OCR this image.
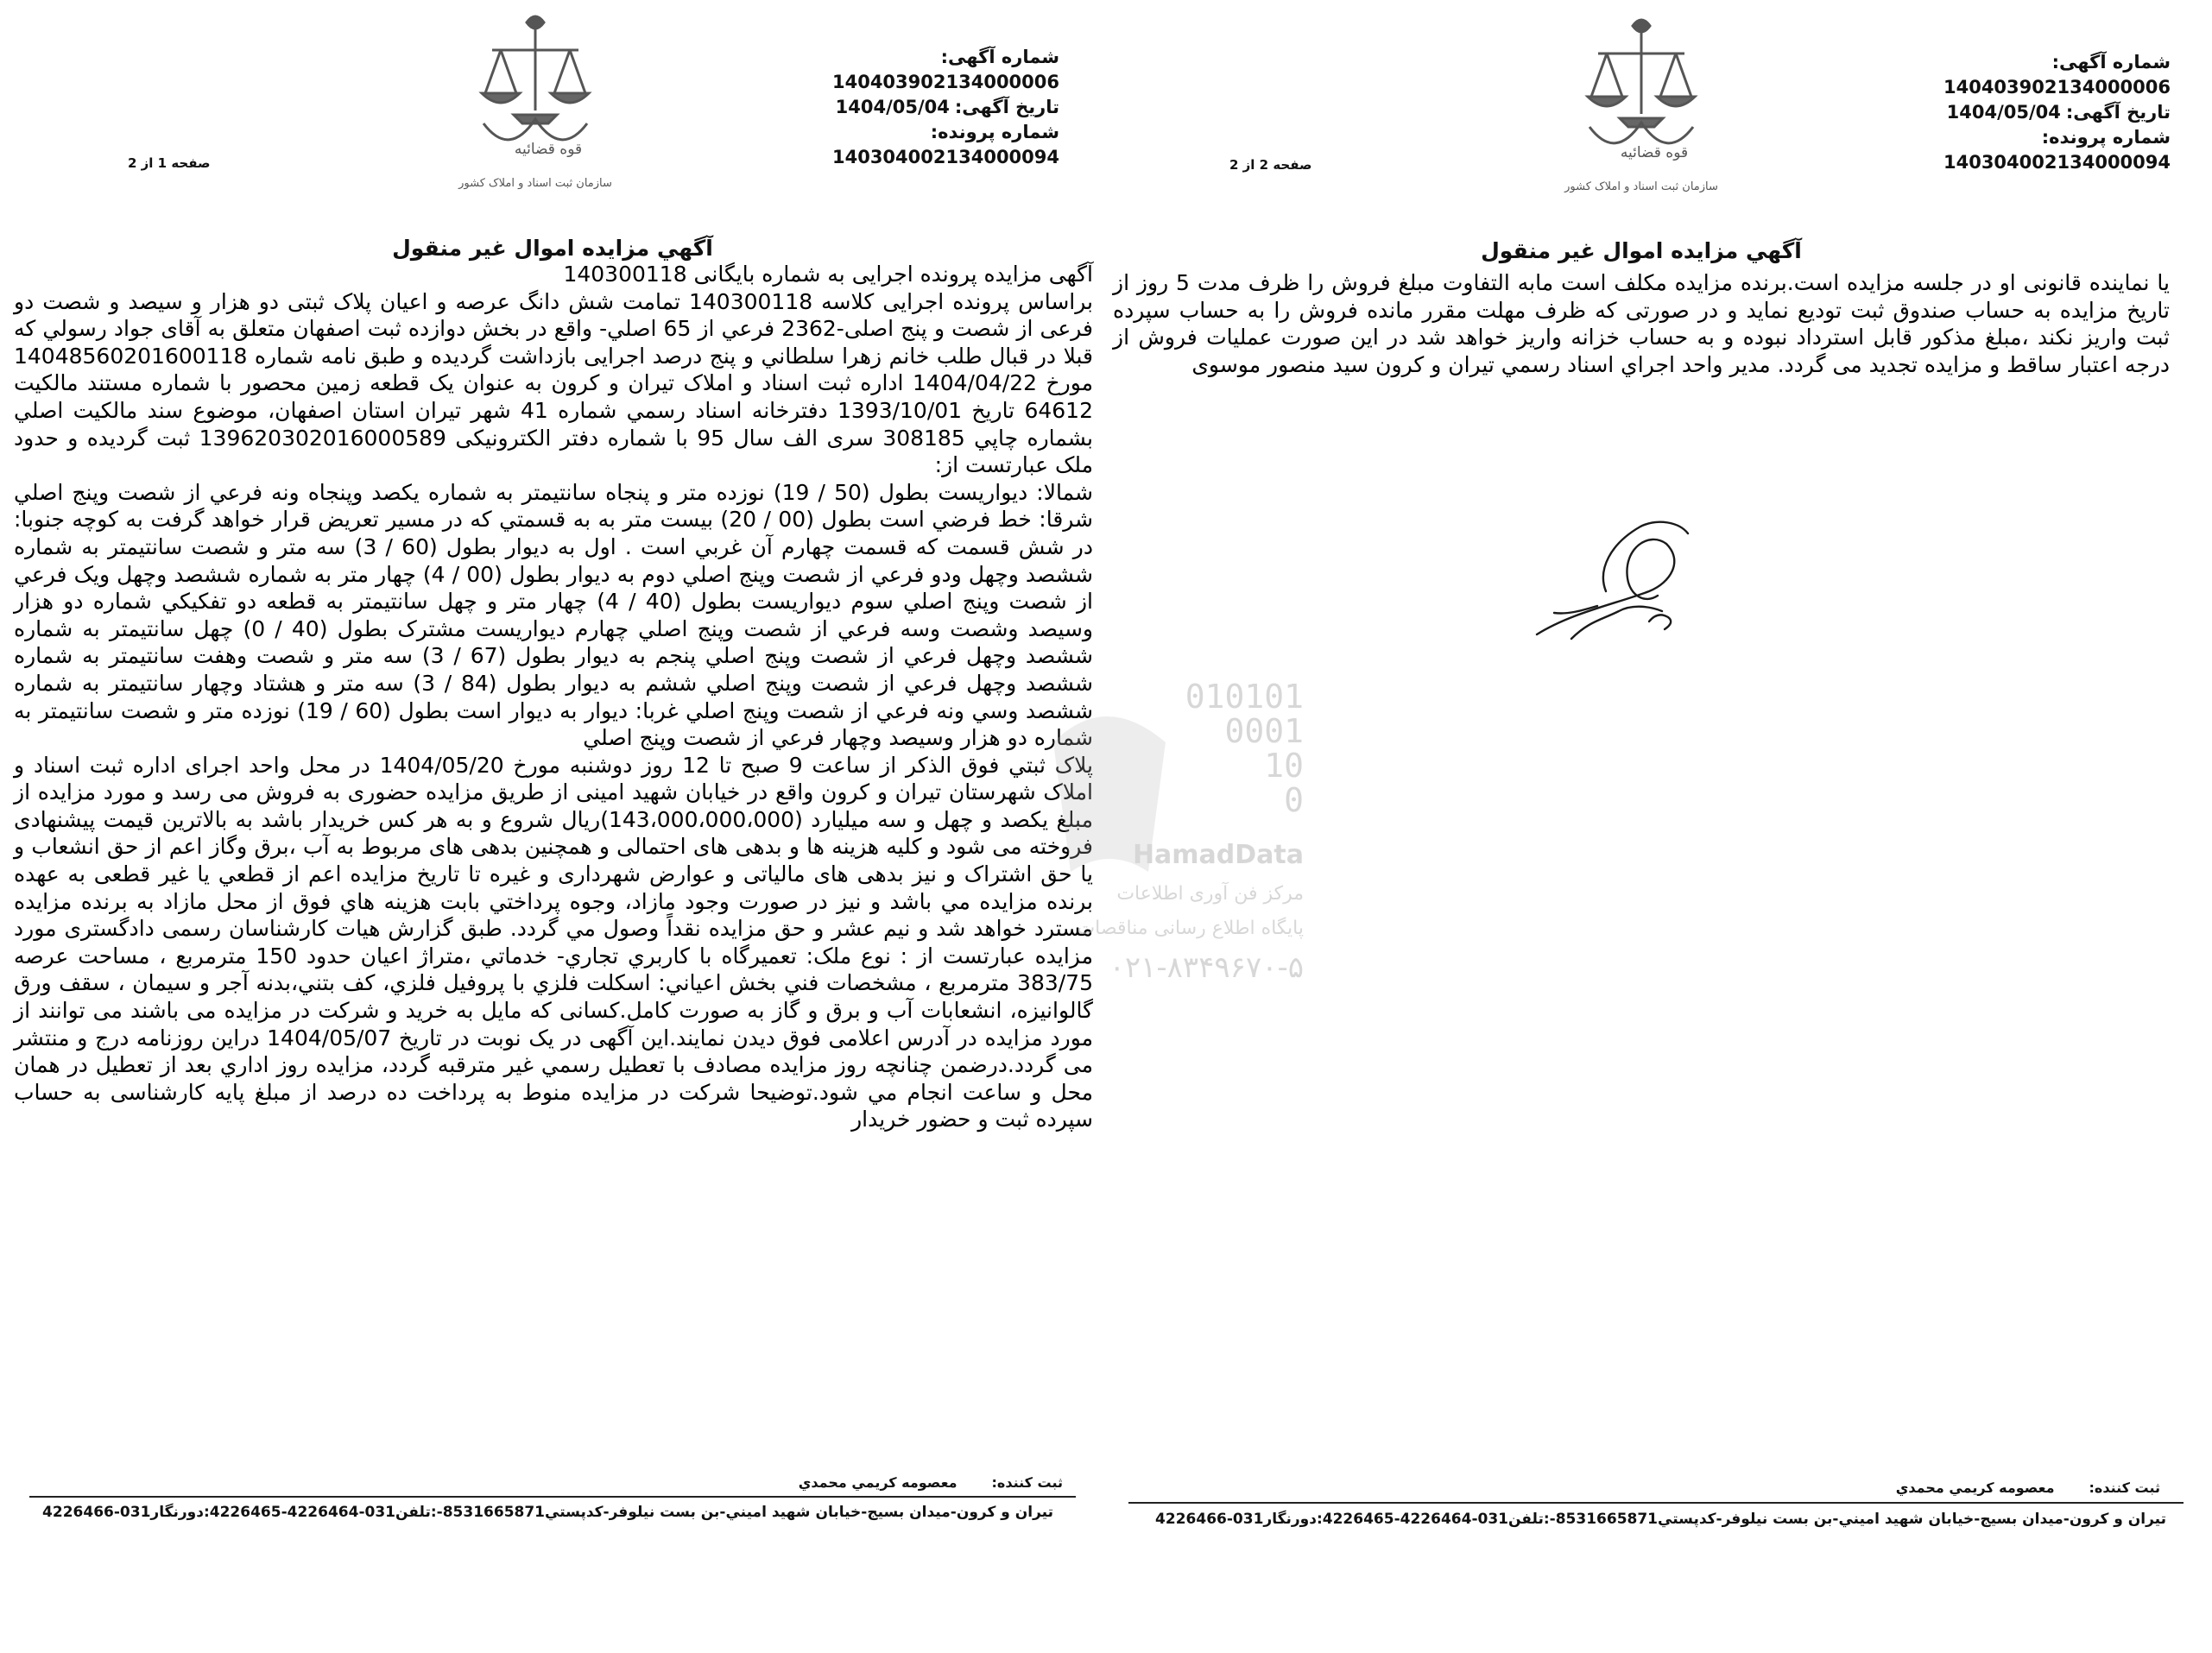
شماره آگهی:140403902134000006
تاریخ آگهی:1404/05/04
شماره پرونده:140304002134000094
قوه قضائیه
سازمان ثبت اسناد و املاک کشور
صفحه 1 از 2
آگهي مزايده اموال غير منقول

آگهی مزایده پرونده اجرایی به شماره بایگانی 140300118

براساس پرونده اجرایی کلاسه 140300118 تمامت شش دانگ عرصه و اعیان پلاک ثبتی دو هزار و سیصد و شصت دو فرعی از شصت و پنج اصلی-2362 فرعي از 65 اصلي- واقع در بخش دوازده ثبت اصفهان متعلق به آقای جواد رسولي که قبلا در قبال طلب خانم زهرا سلطاني و پنج درصد اجرایی بازداشت گرديده و طبق نامه شماره 14048560201600118 مورخ 1404/04/22 اداره ثبت اسناد و املاک تيران و کرون به عنوان یک قطعه زمین محصور با شماره مستند مالکیت 64612 تاریخ 1393/10/01 دفترخانه اسناد رسمي شماره 41 شهر تيران استان اصفهان، موضوع سند مالکيت اصلي بشماره چاپي 308185 سری الف سال 95 با شماره دفتر الکترونیکی 139620302016000589 ثبت گرديده و حدود ملک عبارتست از:

شمالا: ديواريست بطول (50 / 19) نوزده متر و پنجاه سانتيمتر به شماره يکصد وپنجاه ونه فرعي از شصت وپنج اصلي شرقا: خط فرضي است بطول (00 / 20) بيست متر به به قسمتي که در مسير تعريض قرار خواهد گرفت به کوچه جنوبا: در شش قسمت که قسمت چهارم آن غربي است . اول به ديوار بطول (60 / 3) سه متر و شصت سانتيمتر به شماره ششصد وچهل ودو فرعي از شصت وپنج اصلي دوم به ديوار بطول (00 / 4) چهار متر به شماره ششصد وچهل ويک فرعي از شصت وپنج اصلي سوم ديواريست بطول (40 / 4) چهار متر و چهل سانتيمتر به قطعه دو تفکيکي شماره دو هزار وسيصد وشصت وسه فرعي از شصت وپنج اصلي چهارم ديواريست مشترک بطول (40 / 0) چهل سانتيمتر به شماره ششصد وچهل فرعي از شصت وپنج اصلي پنجم به ديوار بطول (67 / 3) سه متر و شصت وهفت سانتيمتر به شماره ششصد وچهل فرعي از شصت وپنج اصلي ششم به ديوار بطول (84 / 3) سه متر و هشتاد وچهار سانتيمتر به شماره ششصد وسي ونه فرعي از شصت وپنج اصلي غربا: ديوار به ديوار است بطول (60 / 19) نوزده متر و شصت سانتيمتر به شماره دو هزار وسيصد وچهار فرعي از شصت وپنج اصلي

پلاک ثبتي فوق الذکر از ساعت 9 صبح تا 12 روز دوشنبه مورخ 1404/05/20 در محل واحد اجرای اداره ثبت اسناد و املاک شهرستان تیران و کرون واقع در خیابان شهید امینی از طریق مزایده حضوری به فروش می رسد و مورد مزایده از مبلغ یکصد و چهل و سه میلیارد (143،000،000،000)ريال شروع و به هر کس خریدار باشد به بالاترین قیمت پیشنهادی فروخته می شود و کلیه هزینه ها و بدهی های احتمالی و همچنین بدهی های مربوط به آب ،برق وگاز اعم از حق انشعاب و يا حق اشتراک و نيز بدهی های مالیاتی و عوارض شهرداری و غیره تا تاريخ مزايده اعم از قطعي يا غير قطعی به عهده برنده مزايده مي باشد و نيز در صورت وجود مازاد، وجوه پرداختي بابت هزينه هاي فوق از محل مازاد به برنده مزايده مسترد خواهد شد و نيم عشر و حق مزايده نقداً وصول مي گردد. طبق گزارش هیات کارشناسان رسمی دادگستری مورد مزایده عبارتست از : نوع ملک: تعمیرگاه با کاربري تجاري- خدماتي ،متراژ اعيان حدود 150 مترمربع ، مساحت عرصه 383/75 مترمربع ، مشخصات فني بخش اعياني: اسکلت فلزي با پروفيل فلزي، کف بتني،بدنه آجر و سيمان ، سقف ورق گالوانيزه، انشعابات آب و برق و گاز به صورت کامل.کسانی که مایل به خرید و شرکت در مزایده می باشند می توانند از مورد مزایده در آدرس اعلامی فوق دیدن نمایند.این آگهی در یک نوبت در تاریخ 1404/05/07 دراین روزنامه درج و منتشر می گردد.درضمن چنانچه روز مزايده مصادف با تعطيل رسمي غير مترقبه گردد، مزايده روز اداري بعد از تعطيل در همان محل و ساعت انجام مي شود.توضیحا شرکت در مزایده منوط به پرداخت ده درصد از مبلغ پایه کارشناسی به حساب سپرده ثبت و حضور خریدار

ثبت كننده:معصومه كريمي محمدي
تيران و كرون-ميدان بسيج-خيابان شهيد اميني-بن بست نيلوفر-كدپستي8531665871-:تلفن031-4226464-4226465:دورنگار031-4226466
شماره آگهی:140403902134000006
تاریخ آگهی:1404/05/04
شماره پرونده:140304002134000094
قوه قضائیه
سازمان ثبت اسناد و املاک کشور
صفحه 2 از 2
آگهي مزايده اموال غير منقول

يا نماينده قانونی او در جلسه مزايده است.برنده مزايده مکلف است مابه التفاوت مبلغ فروش را ظرف مدت 5 روز از تاريخ مزايده به حساب صندوق ثبت توديع نمايد و در صورتی که ظرف مهلت مقرر مانده فروش را به حساب سپرده ثبت واريز نکند ،مبلغ مذکور قابل استرداد نبوده و به حساب خزانه واريز خواهد شد در اين صورت عمليات فروش از درجه اعتبار ساقط و مزايده تجديد می گردد. مدير واحد اجراي اسناد رسمي تيران و کرون سيد منصور موسوی

ثبت كننده:معصومه كريمي محمدي
تيران و كرون-ميدان بسيج-خيابان شهيد اميني-بن بست نيلوفر-كدپستي8531665871-:تلفن031-4226464-4226465:دورنگار031-4226466
010101
0001
10
0
HamadData
مرکز فن آوری اطلاعات
پایگاه اطلاع رسانی مناقصات
۰۲۱-۸۳۴۹۶۷۰-۵
